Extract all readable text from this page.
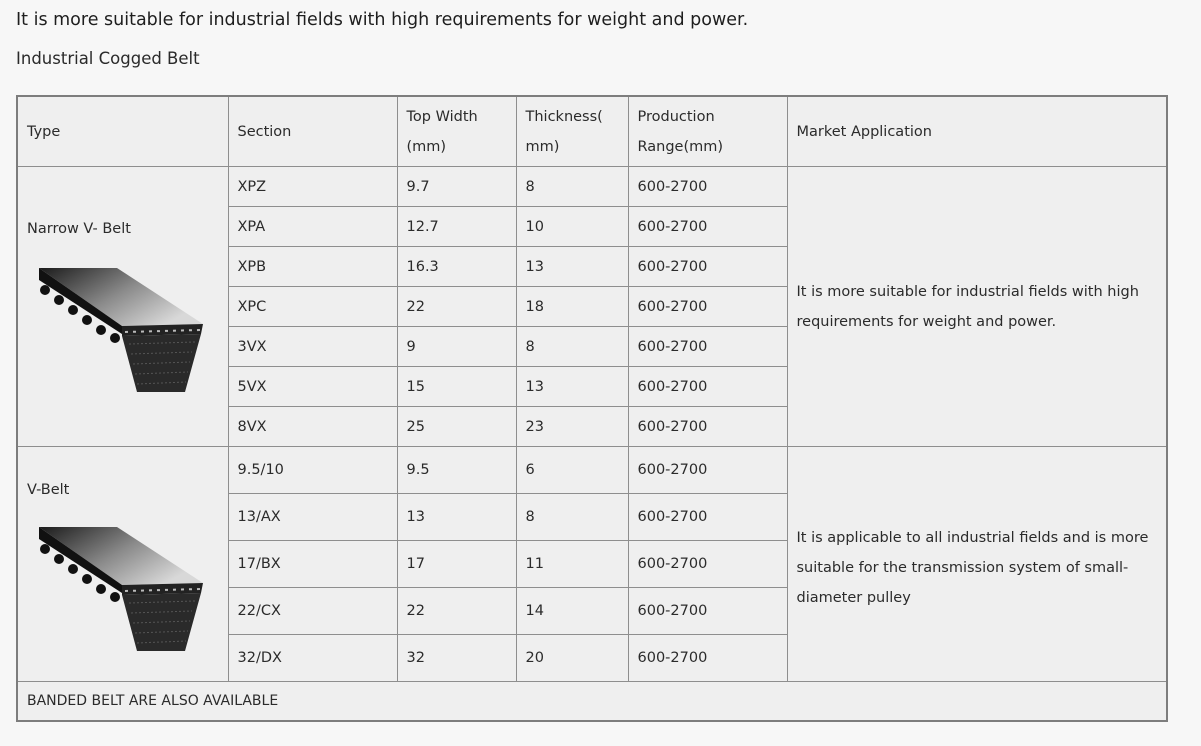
It is more suitable for industrial fields with high requirements for weight and power.
Industrial Cogged Belt
Type	Section	Top Width (mm)	Thickness( mm)	Production Range(mm)	Market Application

Narrow V- Belt	XPZ	9.7	8	600-2700	It is more suitable for industrial fields with high requirements for weight and power.
	XPA	12.7	10	600-2700	
	XPB	16.3	13	600-2700	
	XPC	22	18	600-2700	
	3VX	9	8	600-2700	
	5VX	15	13	600-2700	
	8VX	25	23	600-2700	

V-Belt	9.5/10	9.5	6	600-2700	It is applicable to all industrial fields and is more suitable for the transmission system of small-diameter pulley
	13/AX	13	8	600-2700	
	17/BX	17	11	600-2700	
	22/CX	22	14	600-2700	
	32/DX	32	20	600-2700	
BANDED BELT ARE ALSO AVAILABLE					
